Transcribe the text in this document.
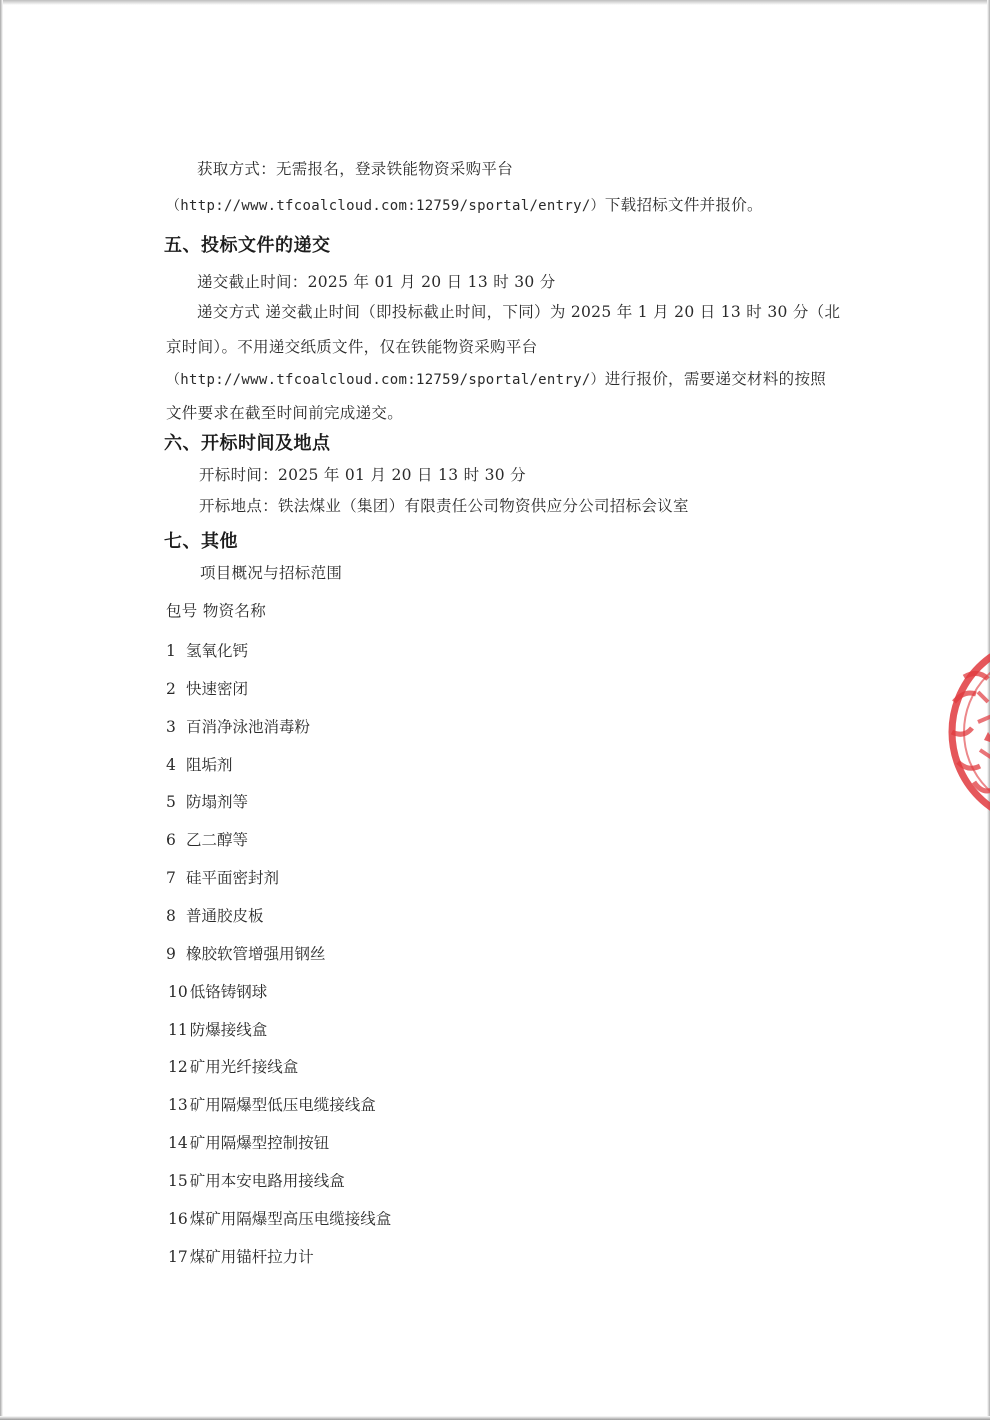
获取方式：无需报名，登录铁能物资采购平台
（http://www.tfcoalcloud.com:12759/sportal/entry/）下载招标文件并报价。
五、投标文件的递交
递交截止时间：2025 年 01 月 20 日 13 时 30 分
递交方式 递交截止时间（即投标截止时间，下同）为 2025 年 1 月 20 日 13 时 30 分（北
京时间）。不用递交纸质文件，仅在铁能物资采购平台
（http://www.tfcoalcloud.com:12759/sportal/entry/）进行报价，需要递交材料的按照
文件要求在截至时间前完成递交。
六、开标时间及地点
开标时间：2025 年 01 月 20 日 13 时 30 分
开标地点：铁法煤业（集团）有限责任公司物资供应分公司招标会议室
七、其他
项目概况与招标范围
包号 物资名称
1 氢氧化钙
2 快速密闭
3 百消净泳池消毒粉
4 阻垢剂
5 防塌剂等
6 乙二醇等
7 硅平面密封剂
8 普通胶皮板
9 橡胶软管增强用钢丝
10 低铬铸钢球
11 防爆接线盒
12 矿用光纤接线盒
13 矿用隔爆型低压电缆接线盒
14 矿用隔爆型控制按钮
15 矿用本安电路用接线盒
16 煤矿用隔爆型高压电缆接线盒
17 煤矿用锚杆拉力计
